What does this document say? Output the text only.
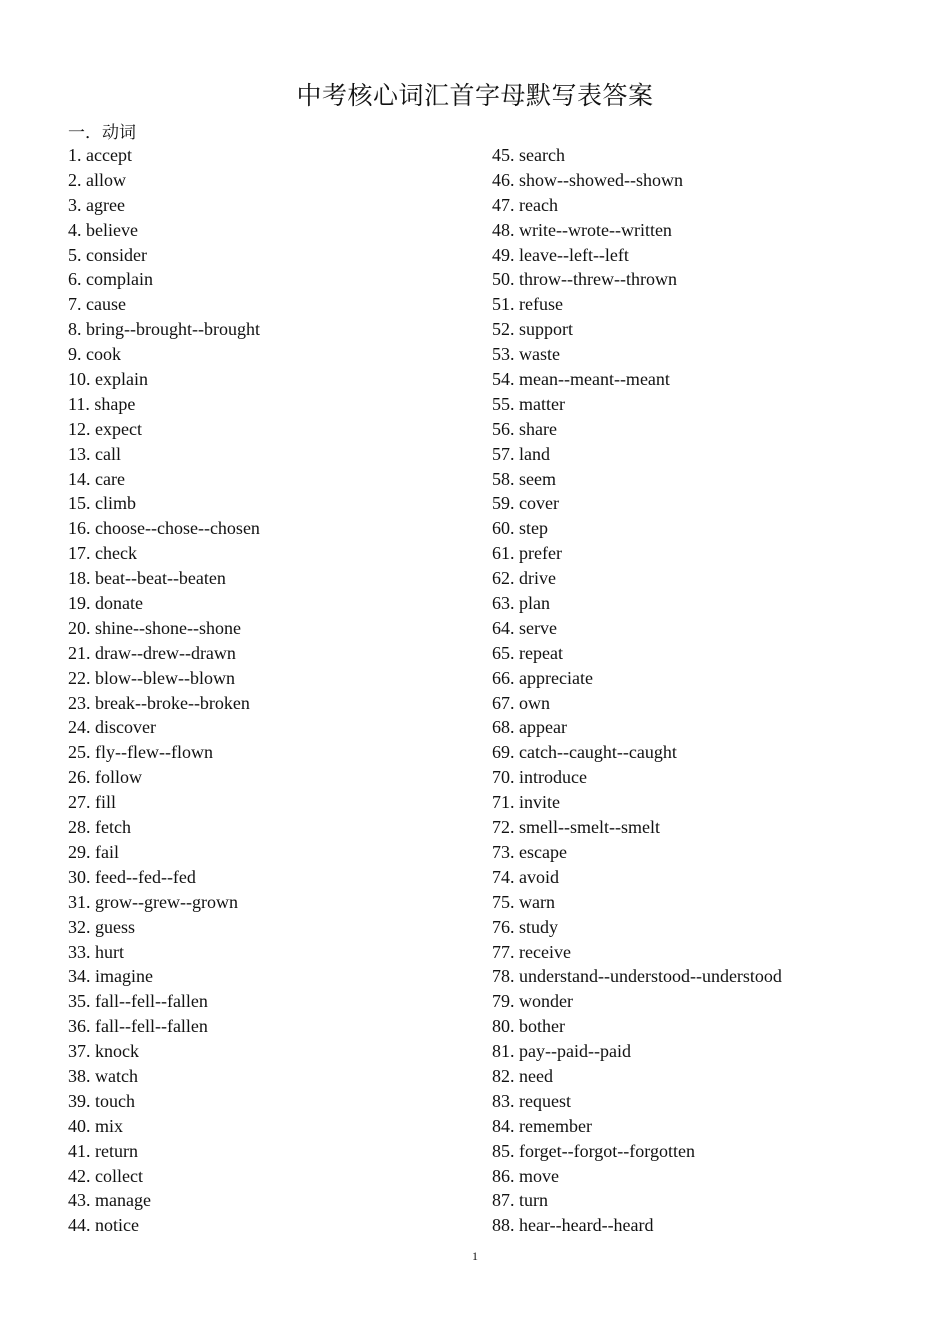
中考核心词汇首字母默写表答案
一．动词
1. accept
2. allow
3. agree
4. believe
5. consider
6. complain
7. cause
8. bring--brought--brought
9. cook
10. explain
11. shape
12. expect
13. call
14. care
15. climb
16. choose--chose--chosen
17. check
18. beat--beat--beaten
19. donate
20. shine--shone--shone
21. draw--drew--drawn
22. blow--blew--blown
23. break--broke--broken
24. discover
25. fly--flew--flown
26. follow
27. fill
28. fetch
29. fail
30. feed--fed--fed
31. grow--grew--grown
32. guess
33. hurt
34. imagine
35. fall--fell--fallen
36. fall--fell--fallen
37. knock
38. watch
39. touch
40. mix
41. return
42. collect
43. manage
44. notice
45. search
46. show--showed--shown
47. reach
48. write--wrote--written
49. leave--left--left
50. throw--threw--thrown
51. refuse
52. support
53. waste
54. mean--meant--meant
55. matter
56. share
57. land
58. seem
59. cover
60. step
61. prefer
62. drive
63. plan
64. serve
65. repeat
66. appreciate
67. own
68. appear
69. catch--caught--caught
70. introduce
71. invite
72. smell--smelt--smelt
73. escape
74. avoid
75. warn
76. study
77. receive
78. understand--understood--understood
79. wonder
80. bother
81. pay--paid--paid
82. need
83. request
84. remember
85. forget--forgot--forgotten
86. move
87. turn
88. hear--heard--heard
1
